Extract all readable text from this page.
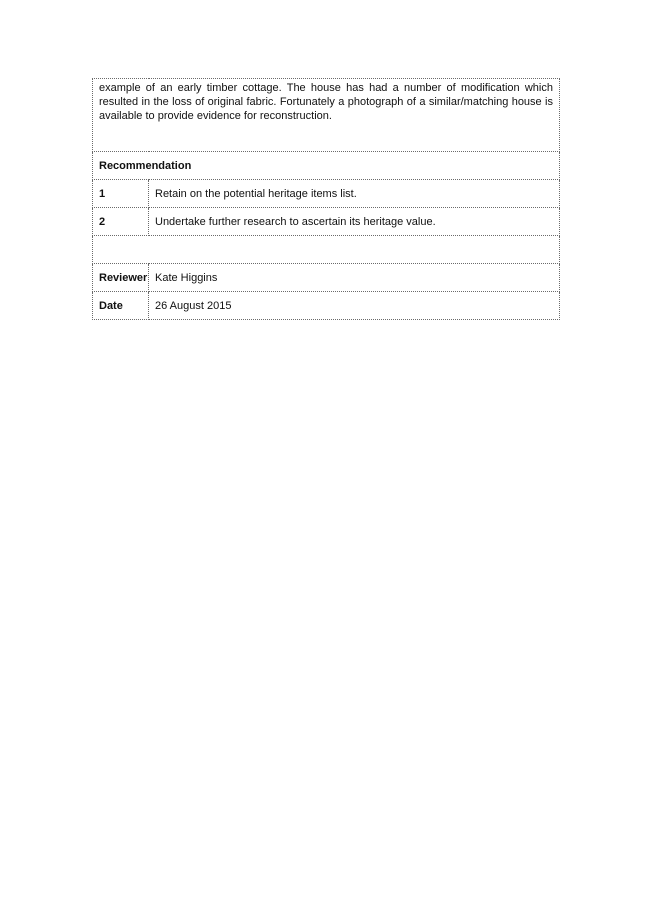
example of an early timber cottage. The house has had a number of modification which resulted in the loss of original fabric. Fortunately a photograph of a similar/matching house is available to provide evidence for reconstruction.	
Recommendation	
1	Retain on the potential heritage items list.
2	Undertake further research to ascertain its heritage value.

Reviewer	Kate Higgins
Date	26 August 2015
